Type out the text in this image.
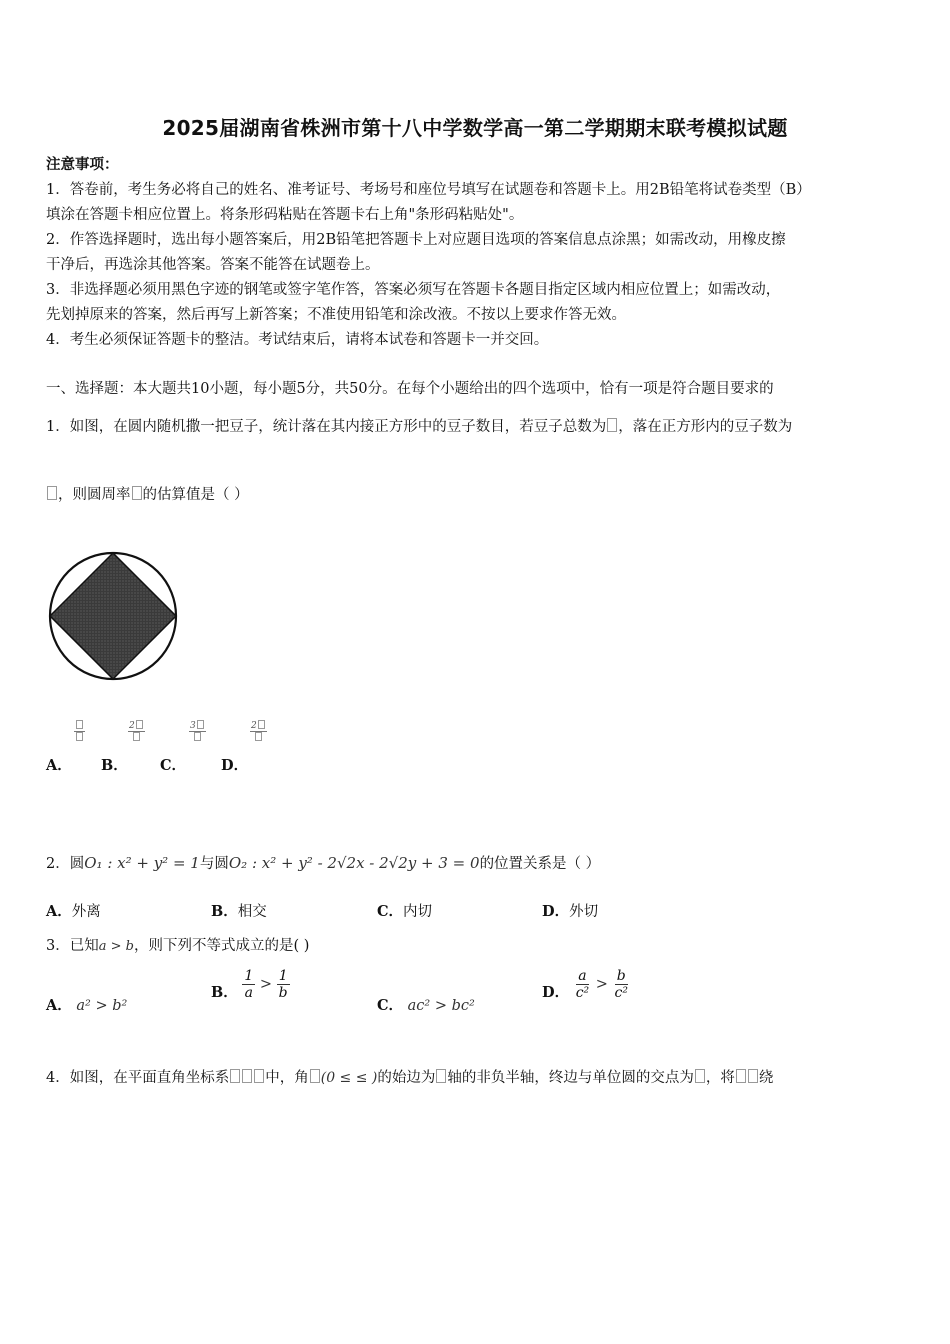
2025届湖南省株洲市第十八中学数学高一第二学期期末联考模拟试题
注意事项：
1．答卷前，考生务必将自己的姓名、准考证号、考场号和座位号填写在试题卷和答题卡上。用2B铅笔将试卷类型（B）
填涂在答题卡相应位置上。将条形码粘贴在答题卡右上角"条形码粘贴处"。
2．作答选择题时，选出每小题答案后，用2B铅笔把答题卡上对应题目选项的答案信息点涂黑；如需改动，用橡皮擦
干净后，再选涂其他答案。答案不能答在试题卷上。
3．非选择题必须用黑色字迹的钢笔或签字笔作答，答案必须写在答题卡各题目指定区域内相应位置上；如需改动，
先划掉原来的答案，然后再写上新答案；不准使用铅笔和涂改液。不按以上要求作答无效。
4．考生必须保证答题卡的整洁。考试结束后，请将本试卷和答题卡一并交回。
一、选择题：本大题共10小题，每小题5分，共50分。在每个小题给出的四个选项中，恰有一项是符合题目要求的
1．如图，在圆内随机撒一把豆子，统计落在其内接正方形中的豆子数目，若豆子总数为 ，落在正方形内的豆子数为
，则圆周率 的估算值是（ ）
A． B．
2
C．
3
D．
2
2．圆O₁ : x² + y² = 1与圆O₂ : x² + y² - 2√2x - 2√2y + 3 = 0的位置关系是（ ）
A．外离	B．相交	C．内切	D．外切
3．已知a > b，则下列不等式成立的是( )
A． a² > b²
B． $\frac{1}{a} > \frac{1}{b}$
C． ac² > bc²
D． $\frac{a}{\text{c²}} > \frac{b}{\text{c²}}$
4．如图，在平面直角坐标系 中，角 (0 ≤ ≤ )的始边为 轴的非负半轴，终边与单位圆的交点为 ，将 绕
